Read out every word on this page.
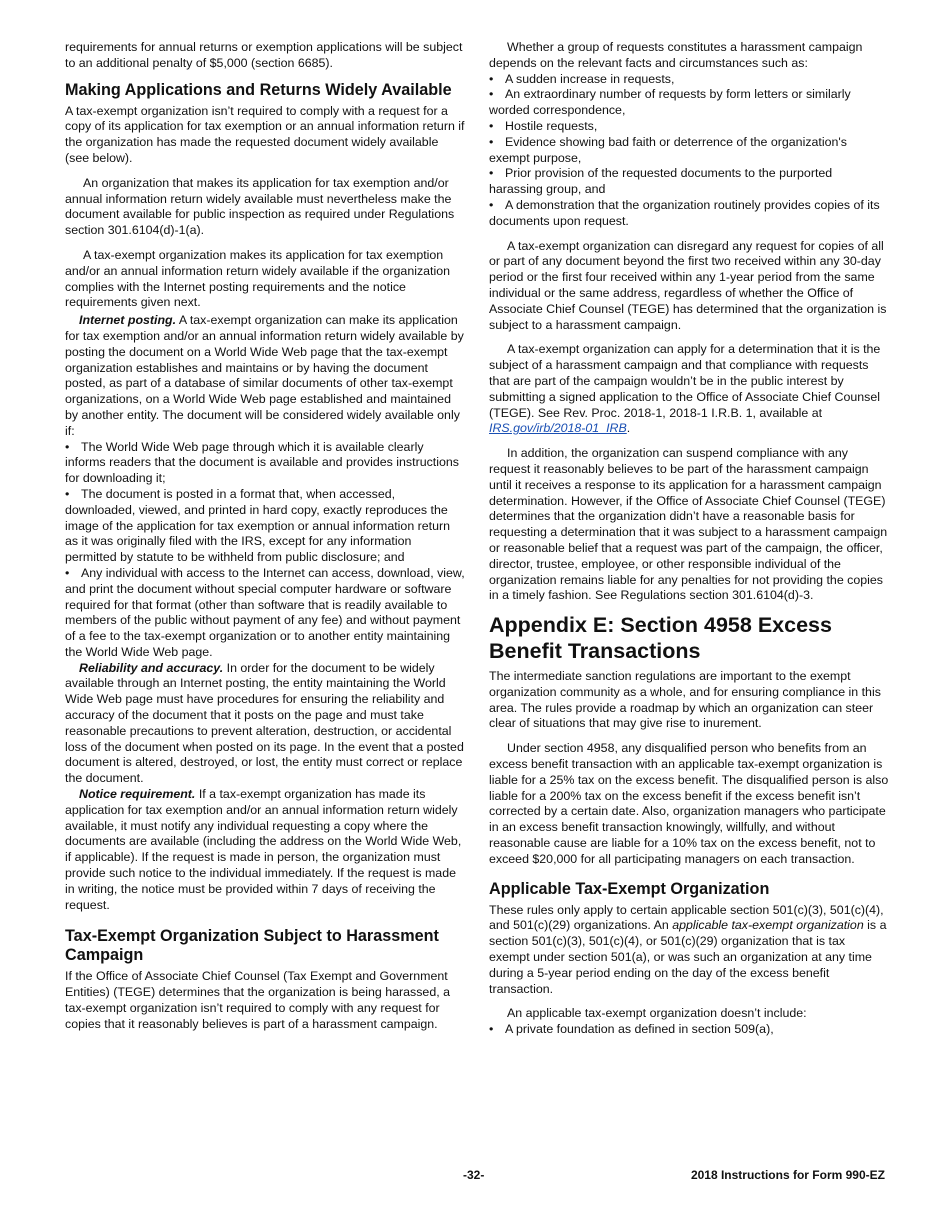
requirements for annual returns or exemption applications will be subject to an additional penalty of $5,000 (section 6685).

Making Applications and Returns Widely Available

A tax-exempt organization isn’t required to comply with a request for a copy of its application for tax exemption or an annual information return if the organization has made the requested document widely available (see below).

An organization that makes its application for tax exemption and/or annual information return widely available must nevertheless make the document available for public inspection as required under Regulations section 301.6104(d)-1(a).

A tax-exempt organization makes its application for tax exemption and/or an annual information return widely available if the organization complies with the Internet posting requirements and the notice requirements given next.

Internet posting. A tax-exempt organization can make its application for tax exemption and/or an annual information return widely available by posting the document on a World Wide Web page that the tax-exempt organization establishes and maintains or by having the document posted, as part of a database of similar documents of other tax-exempt organizations, on a World Wide Web page established and maintained by another entity. The document will be considered widely available only if:

• The World Wide Web page through which it is available clearly informs readers that the document is available and provides instructions for downloading it;
• The document is posted in a format that, when accessed, downloaded, viewed, and printed in hard copy, exactly reproduces the image of the application for tax exemption or annual information return as it was originally filed with the IRS, except for any information permitted by statute to be withheld from public disclosure; and
• Any individual with access to the Internet can access, download, view, and print the document without special computer hardware or software required for that format (other than software that is readily available to members of the public without payment of any fee) and without payment of a fee to the tax-exempt organization or to another entity maintaining the World Wide Web page.

Reliability and accuracy. In order for the document to be widely available through an Internet posting, the entity maintaining the World Wide Web page must have procedures for ensuring the reliability and accuracy of the document that it posts on the page and must take reasonable precautions to prevent alteration, destruction, or accidental loss of the document when posted on its page. In the event that a posted document is altered, destroyed, or lost, the entity must correct or replace the document.

Notice requirement. If a tax-exempt organization has made its application for tax exemption and/or an annual information return widely available, it must notify any individual requesting a copy where the documents are available (including the address on the World Wide Web, if applicable). If the request is made in person, the organization must provide such notice to the individual immediately. If the request is made in writing, the notice must be provided within 7 days of receiving the request.

Tax-Exempt Organization Subject to Harassment Campaign

If the Office of Associate Chief Counsel (Tax Exempt and Government Entities) (TEGE) determines that the organization is being harassed, a tax-exempt organization isn’t required to comply with any request for copies that it reasonably believes is part of a harassment campaign.

Whether a group of requests constitutes a harassment campaign depends on the relevant facts and circumstances such as:

• A sudden increase in requests,
• An extraordinary number of requests by form letters or similarly worded correspondence,
• Hostile requests,
• Evidence showing bad faith or deterrence of the organization's exempt purpose,
• Prior provision of the requested documents to the purported harassing group, and
• A demonstration that the organization routinely provides copies of its documents upon request.

A tax-exempt organization can disregard any request for copies of all or part of any document beyond the first two received within any 30-day period or the first four received within any 1-year period from the same individual or the same address, regardless of whether the Office of Associate Chief Counsel (TEGE) has determined that the organization is subject to a harassment campaign.

A tax-exempt organization can apply for a determination that it is the subject of a harassment campaign and that compliance with requests that are part of the campaign wouldn’t be in the public interest by submitting a signed application to the Office of Associate Chief Counsel (TEGE). See Rev. Proc. 2018-1, 2018-1 I.R.B. 1, available at IRS.gov/irb/2018-01_IRB.

In addition, the organization can suspend compliance with any request it reasonably believes to be part of the harassment campaign until it receives a response to its application for a harassment campaign determination. However, if the Office of Associate Chief Counsel (TEGE) determines that the organization didn’t have a reasonable basis for requesting a determination that it was subject to a harassment campaign or reasonable belief that a request was part of the campaign, the officer, director, trustee, employee, or other responsible individual of the organization remains liable for any penalties for not providing the copies in a timely fashion. See Regulations section 301.6104(d)-3.

Appendix E: Section 4958 Excess Benefit Transactions

The intermediate sanction regulations are important to the exempt organization community as a whole, and for ensuring compliance in this area. The rules provide a roadmap by which an organization can steer clear of situations that may give rise to inurement.

Under section 4958, any disqualified person who benefits from an excess benefit transaction with an applicable tax-exempt organization is liable for a 25% tax on the excess benefit. The disqualified person is also liable for a 200% tax on the excess benefit if the excess benefit isn’t corrected by a certain date. Also, organization managers who participate in an excess benefit transaction knowingly, willfully, and without reasonable cause are liable for a 10% tax on the excess benefit, not to exceed $20,000 for all participating managers on each transaction.

Applicable Tax-Exempt Organization

These rules only apply to certain applicable section 501(c)(3), 501(c)(4), and 501(c)(29) organizations. An applicable tax-exempt organization is a section 501(c)(3), 501(c)(4), or 501(c)(29) organization that is tax exempt under section 501(a), or was such an organization at any time during a 5-year period ending on the day of the excess benefit transaction.

An applicable tax-exempt organization doesn’t include:

• A private foundation as defined in section 509(a),
-32-	2018 Instructions for Form 990-EZ
